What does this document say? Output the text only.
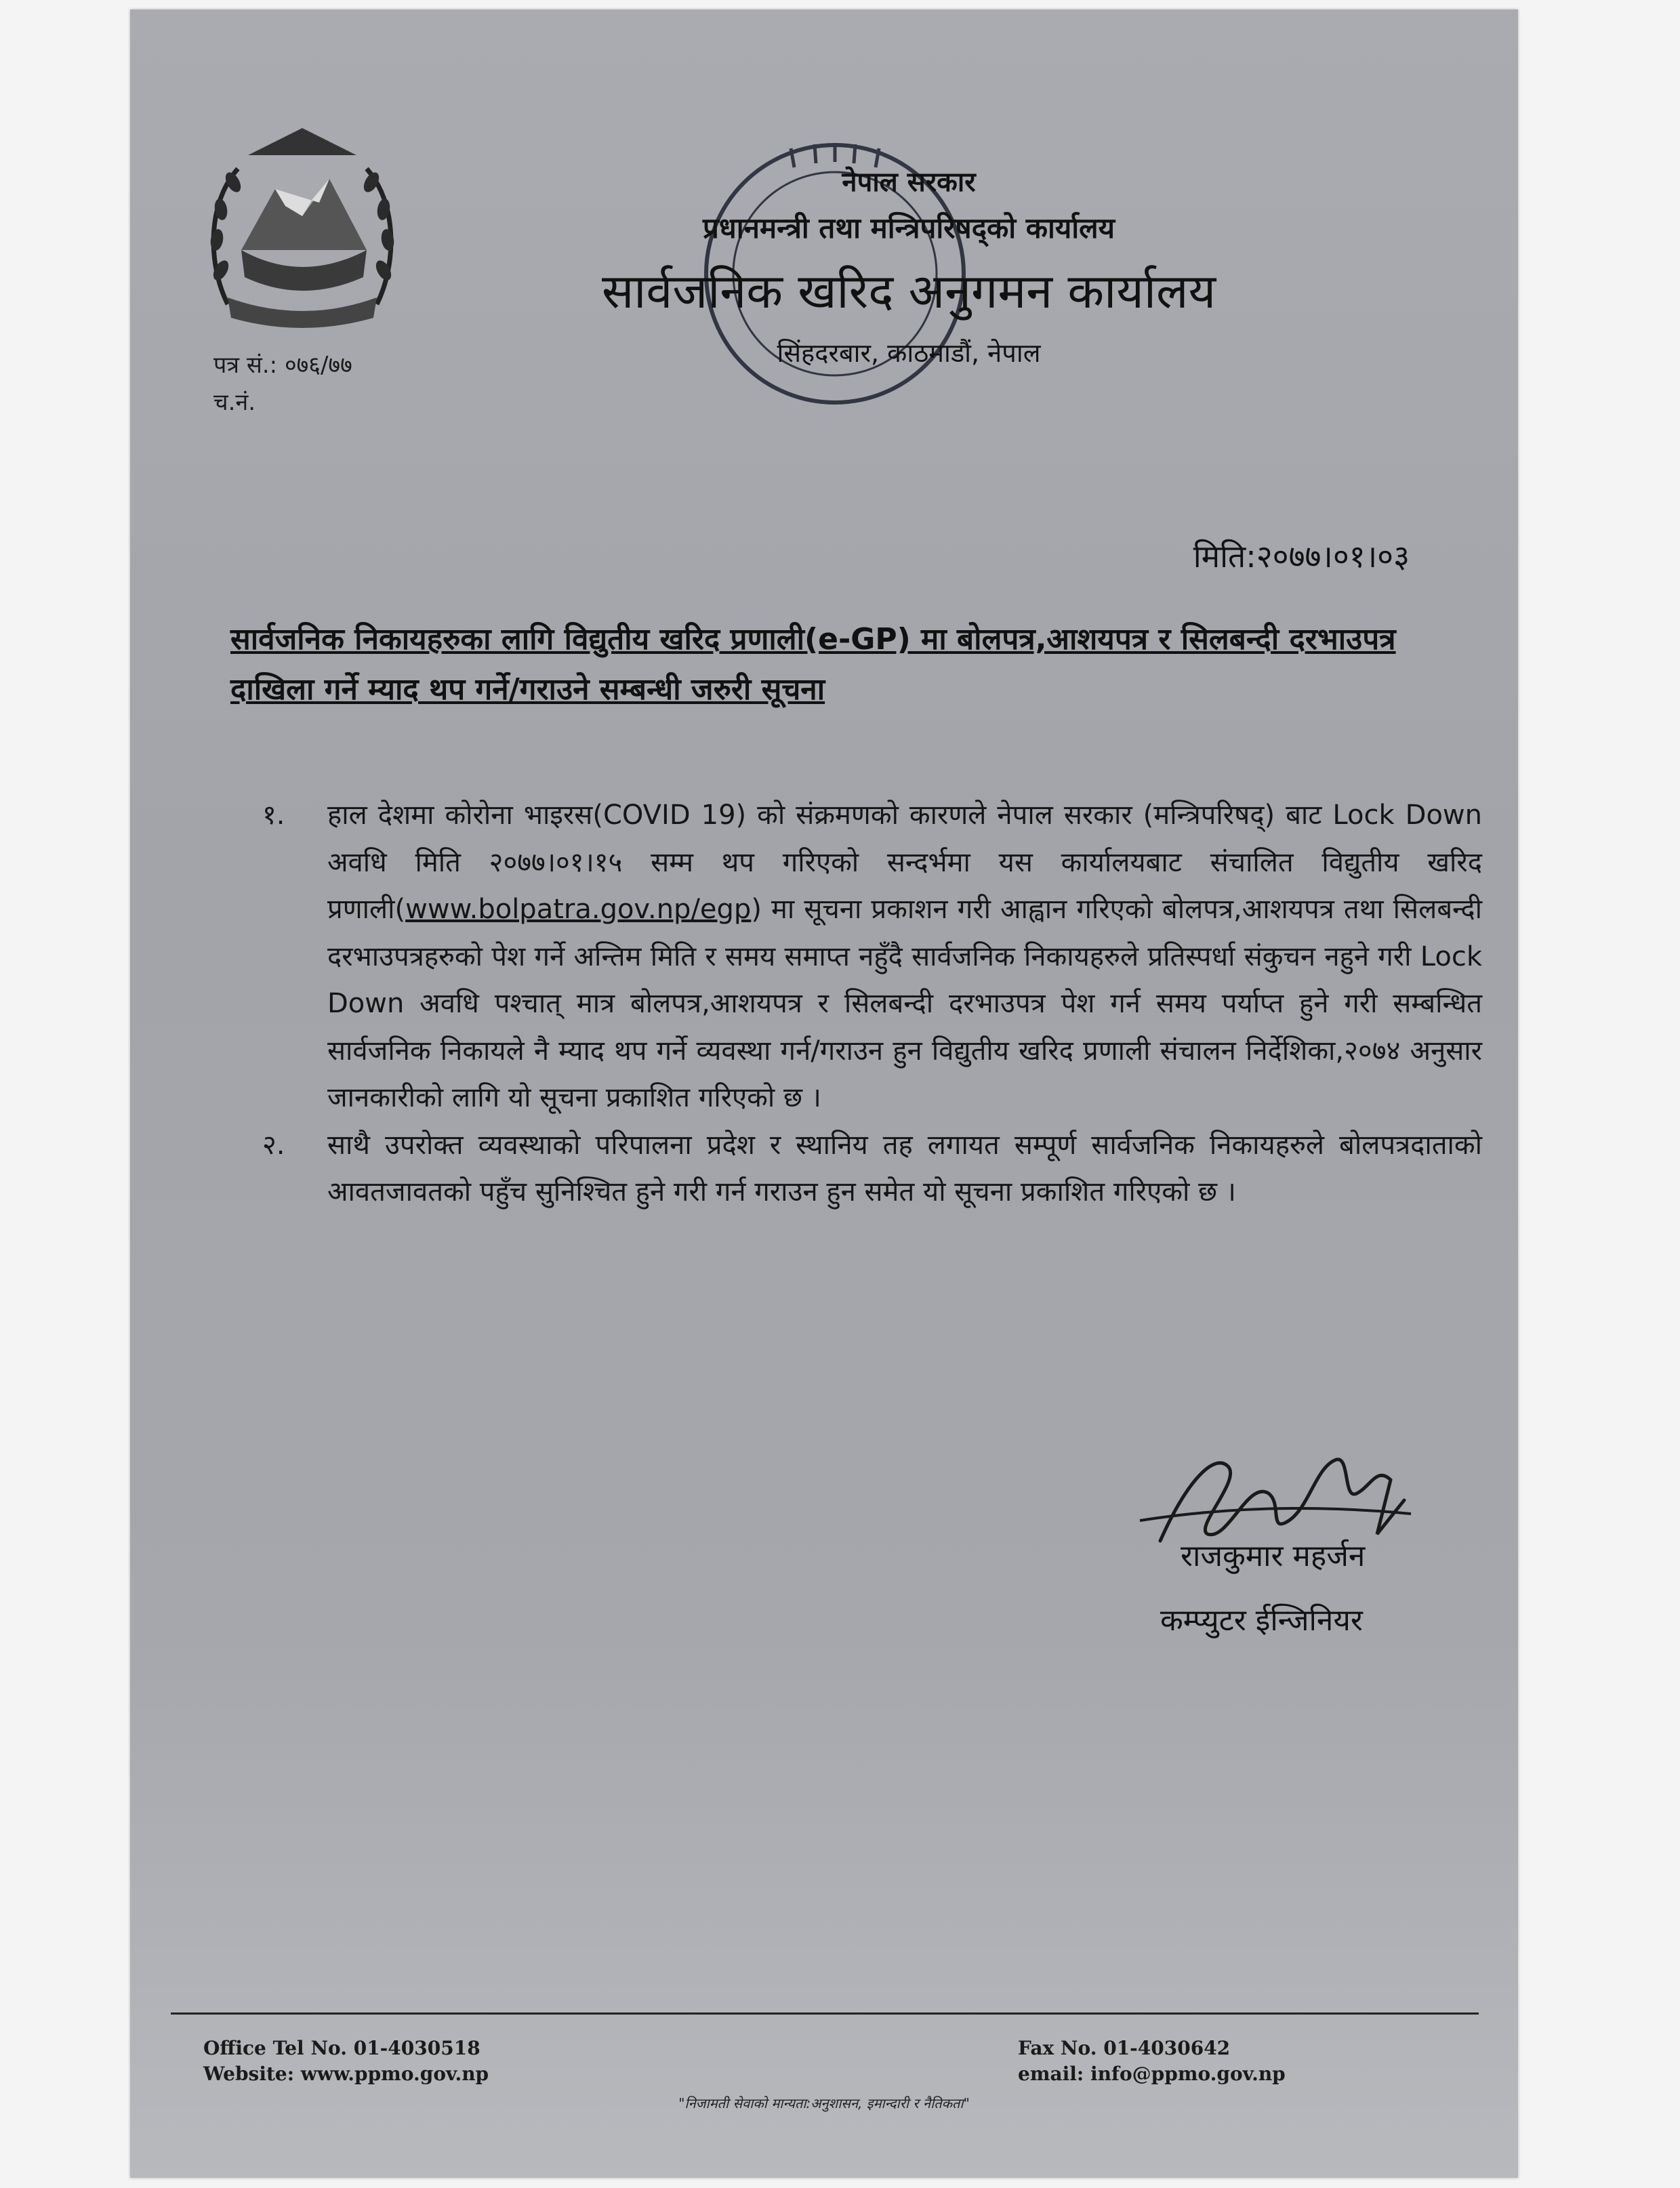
नेपाल सरकार
प्रधानमन्त्री तथा मन्त्रिपरिषद्को कार्यालय
सार्वजनिक खरिद अनुगमन कार्यालय
सिंहदरबार, काठमाडौं, नेपाल
पत्र सं.: ०७६/७७
च.नं.
मिति:२०७७।०१।०३
सार्वजनिक निकायहरुका लागि विद्युतीय खरिद प्रणाली(e-GP) मा बोलपत्र,आशयपत्र र सिलबन्दी दरभाउपत्र दाखिला गर्ने म्याद थप गर्ने/गराउने सम्बन्धी जरुरी सूचना
१.	हाल देशमा कोरोना भाइरस(COVID 19) को संक्रमणको कारणले नेपाल सरकार (मन्त्रिपरिषद्) बाट Lock Down अवधि मिति २०७७।०१।१५ सम्म थप गरिएको सन्दर्भमा यस कार्यालयबाट संचालित विद्युतीय खरिद प्रणाली(www.bolpatra.gov.np/egp) मा सूचना प्रकाशन गरी आह्वान गरिएको बोलपत्र,आशयपत्र तथा सिलबन्दी दरभाउपत्रहरुको पेश गर्ने अन्तिम मिति र समय समाप्त नहुँदै सार्वजनिक निकायहरुले प्रतिस्पर्धा संकुचन नहुने गरी Lock Down अवधि पश्चात् मात्र बोलपत्र,आशयपत्र र सिलबन्दी दरभाउपत्र पेश गर्न समय पर्याप्त हुने गरी सम्बन्धित सार्वजनिक निकायले नै म्याद थप गर्ने व्यवस्था गर्न/गराउन हुन विद्युतीय खरिद प्रणाली संचालन निर्देशिका,२०७४ अनुसार जानकारीको लागि यो सूचना प्रकाशित गरिएको छ ।
२.	साथै उपरोक्त व्यवस्थाको परिपालना प्रदेश र स्थानिय तह लगायत सम्पूर्ण सार्वजनिक निकायहरुले बोलपत्रदाताको आवतजावतको पहुँच सुनिश्चित हुने गरी गर्न गराउन हुन समेत यो सूचना प्रकाशित गरिएको छ ।
राजकुमार महर्जन
कम्प्युटर ईन्जिनियर
Office Tel No. 01-4030518
Website: www.ppmo.gov.np
Fax No. 01-4030642
email: info@ppmo.gov.np
"निजामती सेवाको मान्यता:अनुशासन, इमान्दारी र नैतिकता"
